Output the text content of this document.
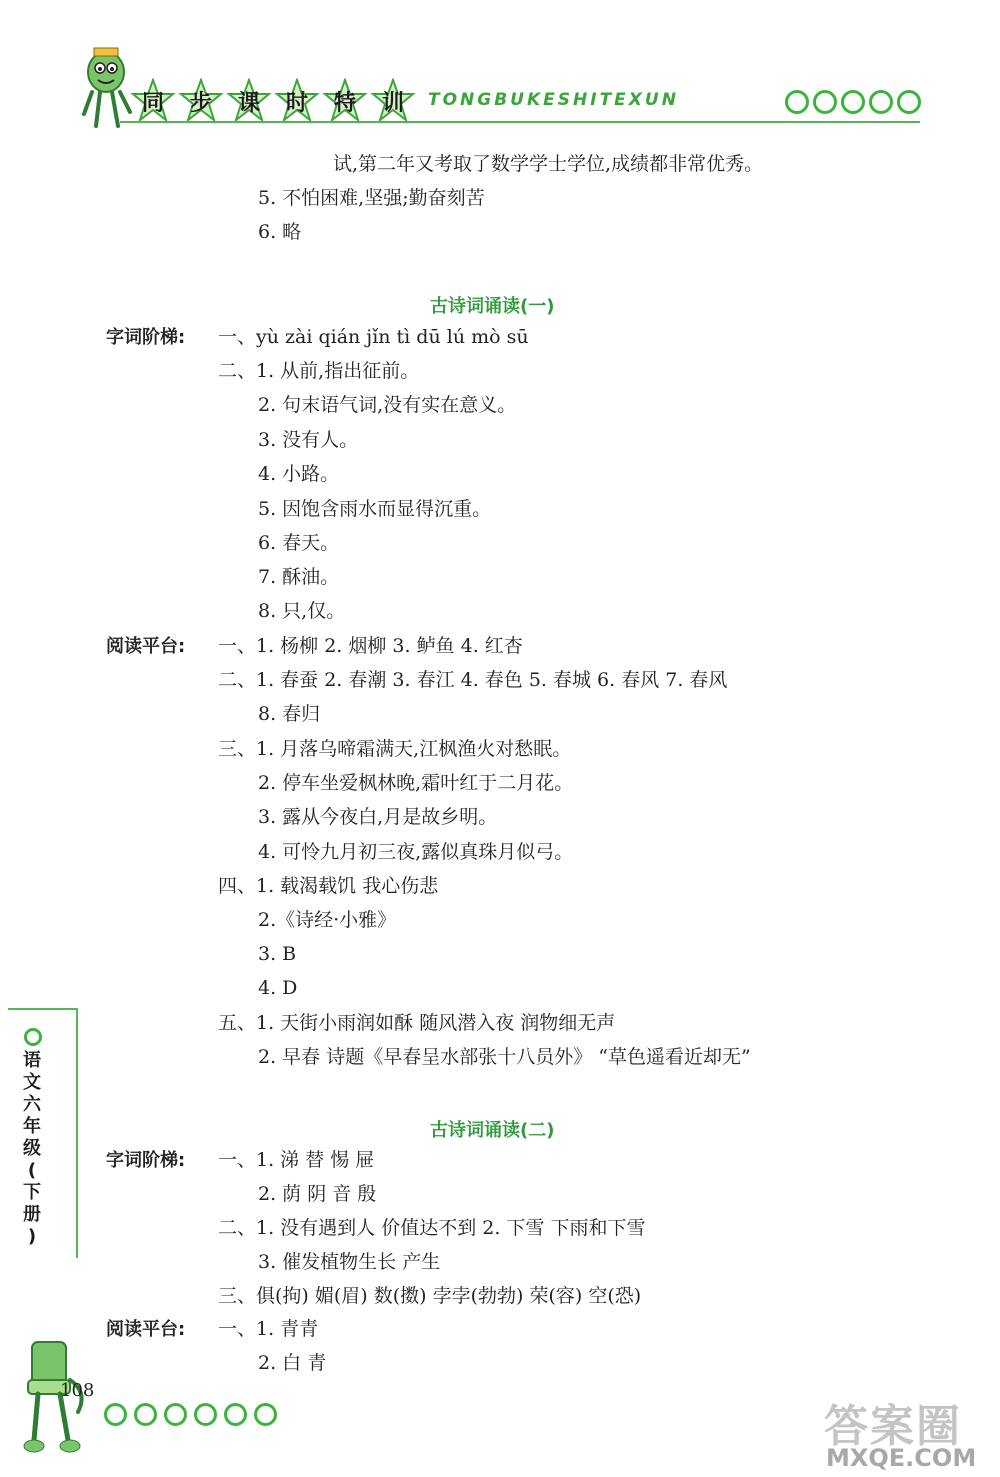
同 步 课 时 特 训 TONGBUKESHITEXUN
试,第二年又考取了数学学士学位,成绩都非常优秀。
5. 不怕困难,坚强;勤奋刻苦
6. 略
古诗词诵读(一)
字词阶梯: 一、yù zài qián jǐn tì dū lú mò sū
二、1. 从前,指出征前。
2. 句末语气词,没有实在意义。
3. 没有人。
4. 小路。
5. 因饱含雨水而显得沉重。
6. 春天。
7. 酥油。
8. 只,仅。
阅读平台: 一、1. 杨柳 2. 烟柳 3. 鲈鱼 4. 红杏
二、1. 春蚕 2. 春潮 3. 春江 4. 春色 5. 春城 6. 春风 7. 春风
8. 春归
三、1. 月落乌啼霜满天,江枫渔火对愁眠。
2. 停车坐爱枫林晚,霜叶红于二月花。
3. 露从今夜白,月是故乡明。
4. 可怜九月初三夜,露似真珠月似弓。
四、1. 载渴载饥 我心伤悲
2.《诗经·小雅》
3. B
4. D
五、1. 天街小雨润如酥 随风潜入夜 润物细无声
2. 早春 诗题《早春呈水部张十八员外》 “草色遥看近却无”
古诗词诵读(二)
字词阶梯: 一、1. 涕 替 惕 屉
2. 荫 阴 音 殷
二、1. 没有遇到人 价值达不到 2. 下雪 下雨和下雪
3. 催发植物生长 产生
三、俱(拘) 媚(眉) 数(擞) 孛孛(勃勃) 荣(容) 空(恐)
阅读平台: 一、1. 青青
2. 白 青
语
文
六
年
级
(
下
册
)
108
答案圈
MXQE.COM
